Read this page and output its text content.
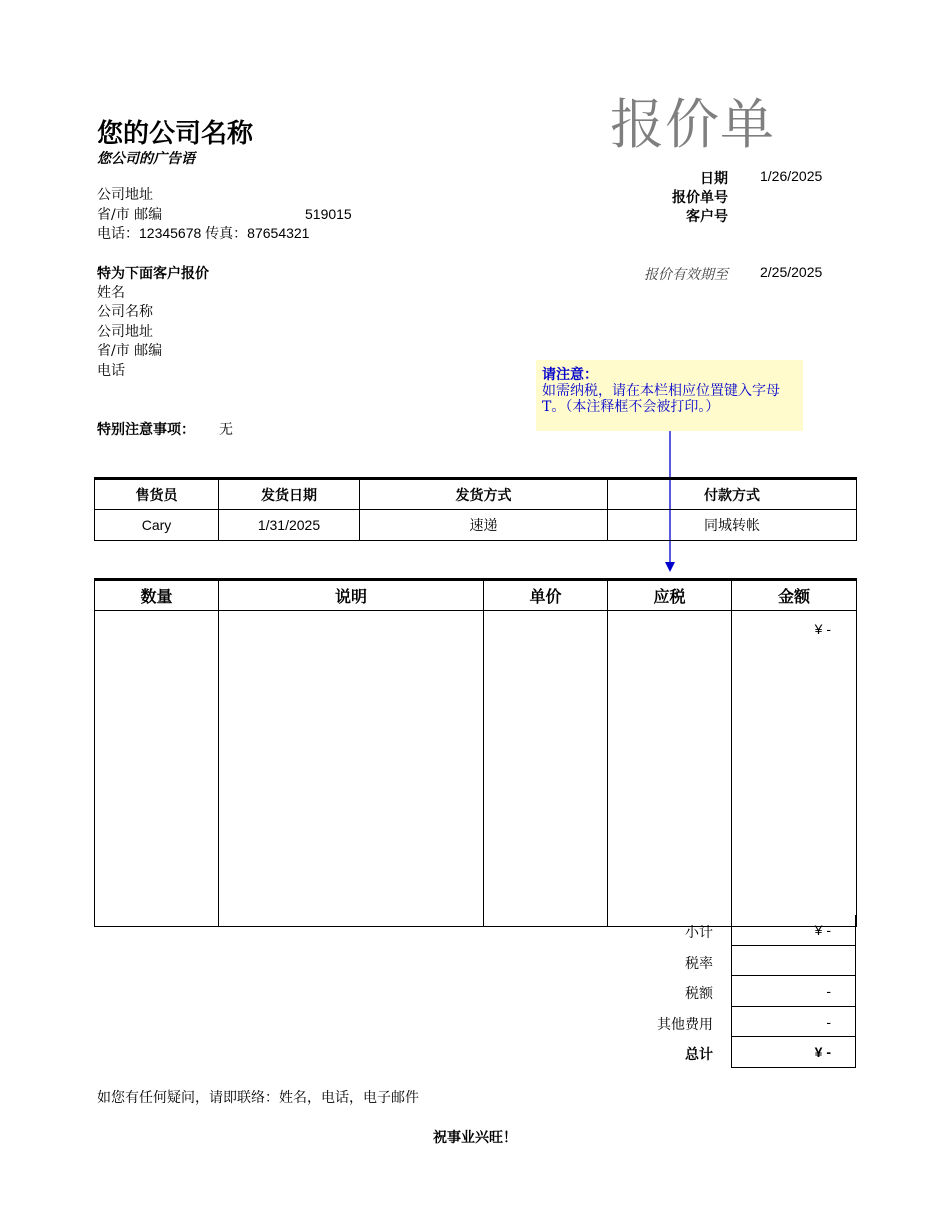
您的公司名称
您公司的广告语
报价单
日期 1/26/2025
报价单号
客户号
公司地址
省/市 邮编	519015
电话：12345678 传真：87654321
特为下面客户报价
姓名
公司名称
公司地址
省/市 邮编
电话
报价有效期至 2/25/2025
请注意：
如需纳税，请在本栏相应位置键入字母 T。（本注释框不会被打印。）
特别注意事项： 无
售货员	发货日期	发货方式	付款方式
Cary	1/31/2025	速递	同城转帐
数量	说明	单价	应税	金额
				¥ -
小计	¥ -
税率
税额	-
其他费用	-
总计	¥ -
如您有任何疑问，请即联络：姓名，电话，电子邮件
祝事业兴旺！
